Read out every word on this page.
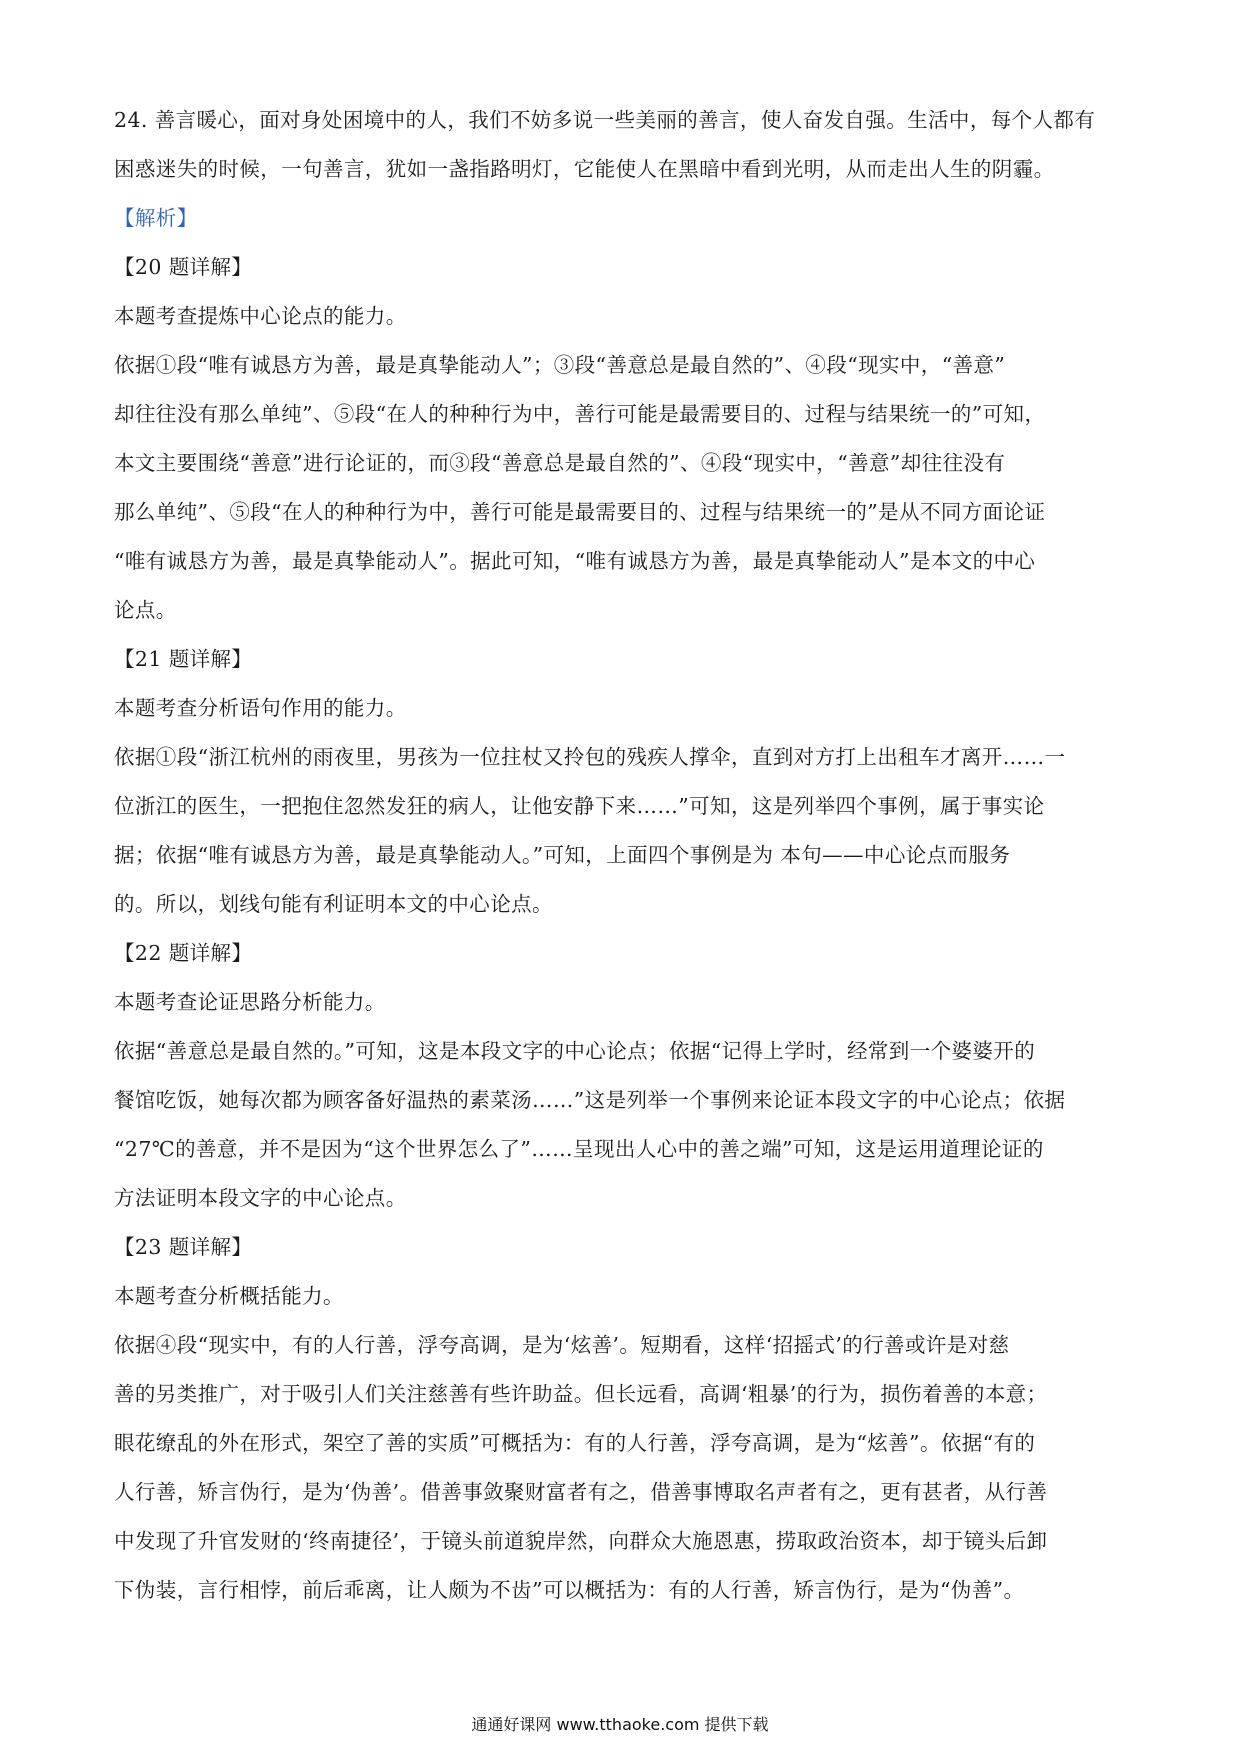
24. 善言暖心，面对身处困境中的人，我们不妨多说一些美丽的善言，使人奋发自强。生活中，每个人都有
困惑迷失的时候，一句善言，犹如一盏指路明灯，它能使人在黑暗中看到光明，从而走出人生的阴霾。
【解析】
【20 题详解】
本题考查提炼中心论点的能力。
依据①段“唯有诚恳方为善，最是真挚能动人”；③段“善意总是最自然的”、④段“现实中，“善意”
却往往没有那么单纯”、⑤段“在人的种种行为中，善行可能是最需要目的、过程与结果统一的”可知，
本文主要围绕“善意”进行论证的，而③段“善意总是最自然的”、④段“现实中，“善意”却往往没有
那么单纯”、⑤段“在人的种种行为中，善行可能是最需要目的、过程与结果统一的”是从不同方面论证
“唯有诚恳方为善，最是真挚能动人”。据此可知，“唯有诚恳方为善，最是真挚能动人”是本文的中心
论点。
【21 题详解】
本题考查分析语句作用的能力。
依据①段“浙江杭州的雨夜里，男孩为一位拄杖又拎包的残疾人撑伞，直到对方打上出租车才离开……一
位浙江的医生，一把抱住忽然发狂的病人，让他安静下来……”可知，这是列举四个事例，属于事实论
据；依据“唯有诚恳方为善，最是真挚能动人。”可知，上面四个事例是为 本句——中心论点而服务
的。所以，划线句能有利证明本文的中心论点。
【22 题详解】
本题考查论证思路分析能力。
依据“善意总是最自然的。”可知，这是本段文字的中心论点；依据“记得上学时，经常到一个婆婆开的
餐馆吃饭，她每次都为顾客备好温热的素菜汤……”这是列举一个事例来论证本段文字的中心论点；依据
“27℃的善意，并不是因为“这个世界怎么了”……呈现出人心中的善之端”可知，这是运用道理论证的
方法证明本段文字的中心论点。
【23 题详解】
本题考查分析概括能力。
依据④段“现实中，有的人行善，浮夸高调，是为‘炫善’。短期看，这样‘招摇式’的行善或许是对慈
善的另类推广，对于吸引人们关注慈善有些许助益。但长远看，高调‘粗暴’的行为，损伤着善的本意；
眼花缭乱的外在形式，架空了善的实质”可概括为：有的人行善，浮夸高调，是为“炫善”。依据“有的
人行善，矫言伪行，是为‘伪善’。借善事敛聚财富者有之，借善事博取名声者有之，更有甚者，从行善
中发现了升官发财的‘终南捷径’，于镜头前道貌岸然，向群众大施恩惠，捞取政治资本，却于镜头后卸
下伪装，言行相悖，前后乖离，让人颇为不齿”可以概括为：有的人行善，矫言伪行，是为“伪善”。
通通好课网 www.tthaoke.com 提供下载
